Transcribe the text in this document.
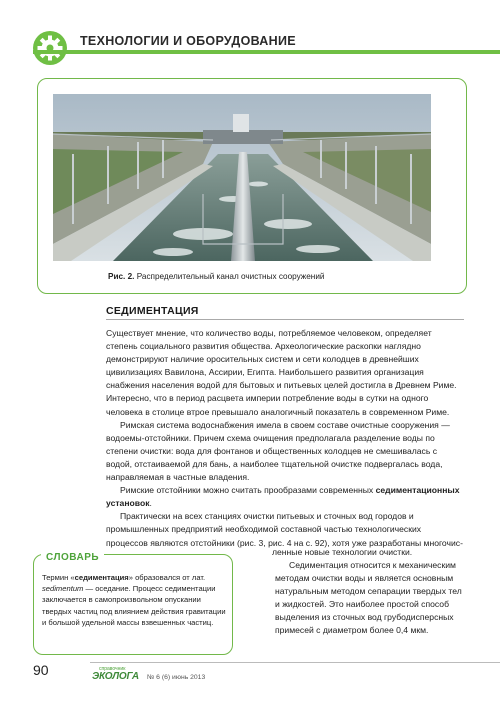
ТЕХНОЛОГИИ И ОБОРУДОВАНИЕ
Рис. 2. Распределительный канал очистных сооружений
СЕДИМЕНТАЦИЯ

Существует мнение, что количество воды, потребляемое человеком, определяет степень социального развития общества. Археологические раскопки наглядно демонстрируют наличие оросительных систем и сети колодцев в древнейших цивилизациях Вавилона, Ассирии, Египта. Наибольшего развития организация снабжения населения водой для бытовых и питьевых целей достигла в Древнем Риме. Интересно, что в период расцвета империи потребление воды в сутки на одного человека в столице втрое превышало аналогичный показатель в современном Риме.

Римская система водоснабжения имела в своем составе очистные сооружения — водоемы-отстойники. Причем схема очищения предполагала разделение воды по степени очистки: вода для фонтанов и общественных колодцев не смешивалась с водой, отстаиваемой для бань, а наиболее тщательной очистке подвергалась вода, направляемая в частные владения.

Римские отстойники можно считать прообразами современных седиментационных установок.

Практически на всех станциях очистки питьевых и сточных вод городов и промышленных предприятий необходимой составной частью технологических процессов являются отстойники (рис. 3, рис. 4 на с. 92), хотя уже разработаны многочис-

ленные новые технологии очистки.

Седиментация относится к механическим методам очистки воды и является основным натуральным методом сепарации твердых тел и жидкостей. Это наиболее простой способ выделения из сточных вод грубодисперсных примесей с диаметром более 0,4 мкм.

СЛОВАРЬ
Термин «седиментация» образовался от лат. sedimentum — оседание. Процесс седиментации заключается в самопроизвольном опускании твердых частиц под влиянием действия гравитации и большой удельной массы взвешенных частиц.
90	справочник
ЭКОЛОГА № 6 (6) июнь 2013
